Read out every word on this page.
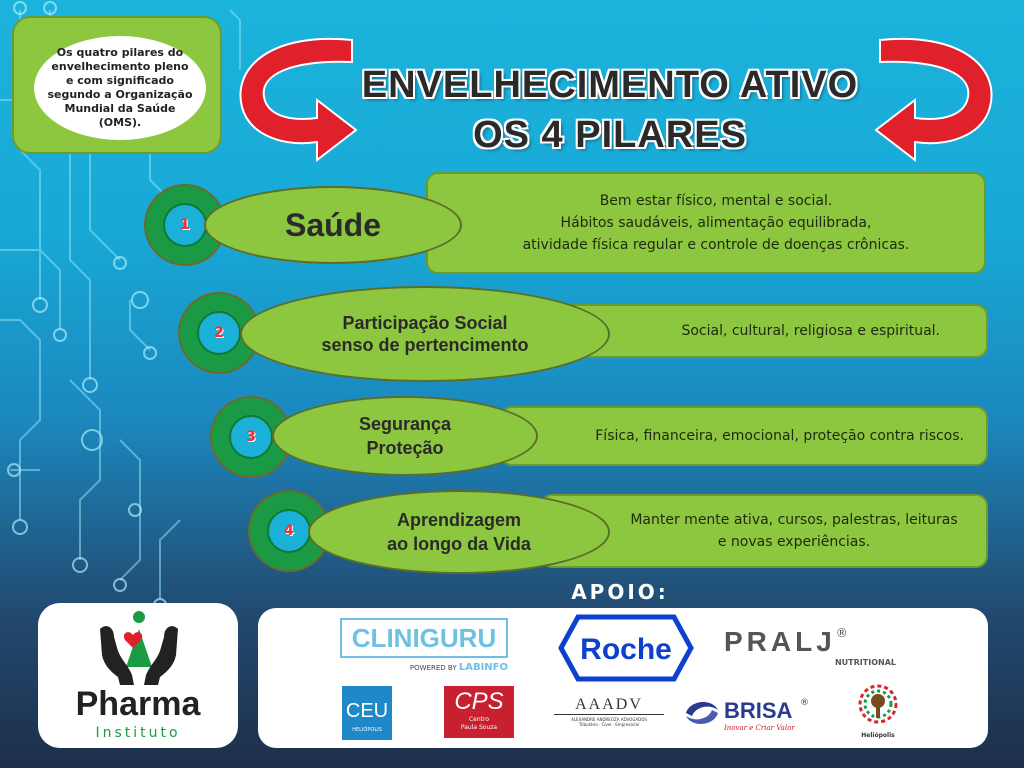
Os quatro pilares do envelhecimento pleno e com significado segundo a Organização Mundial da Saúde (OMS).
ENVELHECIMENTO ATIVO
OS 4 PILARES
Bem estar físico, mental e social.
Hábitos saudáveis, alimentação equilibrada,
atividade física regular e controle de doenças crônicas.
1	Saúde
Social, cultural, religiosa e espiritual.
2	Participação Social
senso de pertencimento
Física, financeira, emocional, proteção contra riscos.
3
Segurança
Proteção
Manter mente ativa, cursos, palestras, leituras
e novas experiências.
4
Aprendizagem
ao longo da Vida
APOIO:
Pharma
Instituto
CLINIGURU
POWERED BY LABINFO
Roche PRALJ®
NUTRITIONAL
CEU
HELIÓPOLIS
CPS
Centro
Paula Souza
AAADV
ALEXANDRE ANDREOZA ADVOGADOS
Tributário · Cível · Empresarial
BRISA ®
Inovar e Criar Valor
Heliópolis
